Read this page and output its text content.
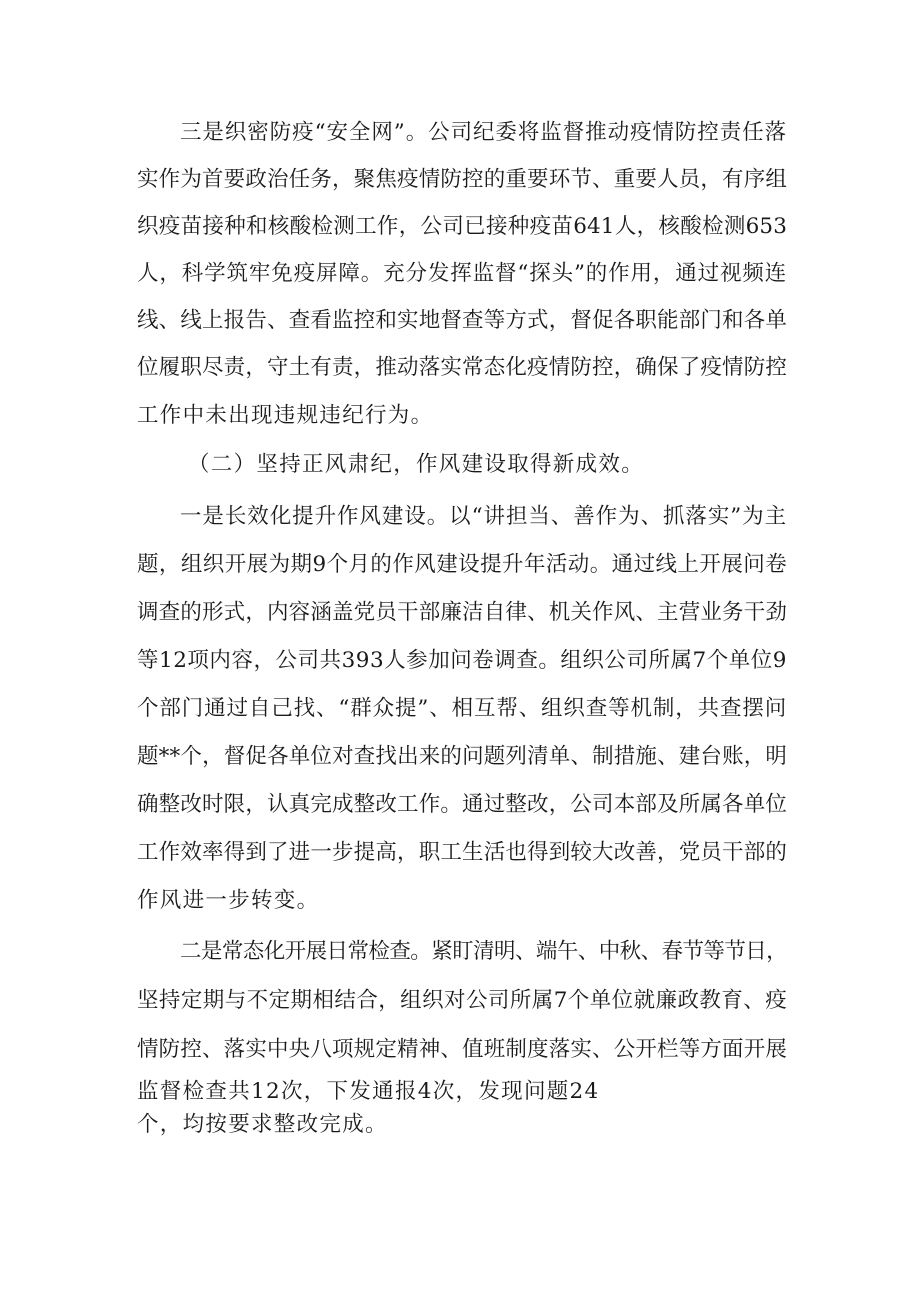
三是织密防疫“安全网”。公司纪委将监督推动疫情防控责任落
实作为首要政治任务，聚焦疫情防控的重要环节、重要人员，有序组
织疫苗接种和核酸检测工作，公司已接种疫苗641人，核酸检测653
人，科学筑牢免疫屏障。充分发挥监督“探头”的作用，通过视频连
线、线上报告、查看监控和实地督查等方式，督促各职能部门和各单
位履职尽责，守土有责，推动落实常态化疫情防控，确保了疫情防控
工作中未出现违规违纪行为。
（二）坚持正风肃纪，作风建设取得新成效。
一是长效化提升作风建设。以“讲担当、善作为、抓落实”为主
题，组织开展为期9个月的作风建设提升年活动。通过线上开展问卷
调查的形式，内容涵盖党员干部廉洁自律、机关作风、主营业务干劲
等12项内容，公司共393人参加问卷调查。组织公司所属7个单位9
个部门通过自己找、“群众提”、相互帮、组织查等机制，共查摆问
题**个，督促各单位对查找出来的问题列清单、制措施、建台账，明
确整改时限，认真完成整改工作。通过整改，公司本部及所属各单位
工作效率得到了进一步提高，职工生活也得到较大改善，党员干部的
作风进一步转变。
二是常态化开展日常检查。紧盯清明、端午、中秋、春节等节日，
坚持定期与不定期相结合，组织对公司所属7个单位就廉政教育、疫
情防控、落实中央八项规定精神、值班制度落实、公开栏等方面开展
监督检查共12次，下发通报4次，发现问题24
个，均按要求整改完成。
